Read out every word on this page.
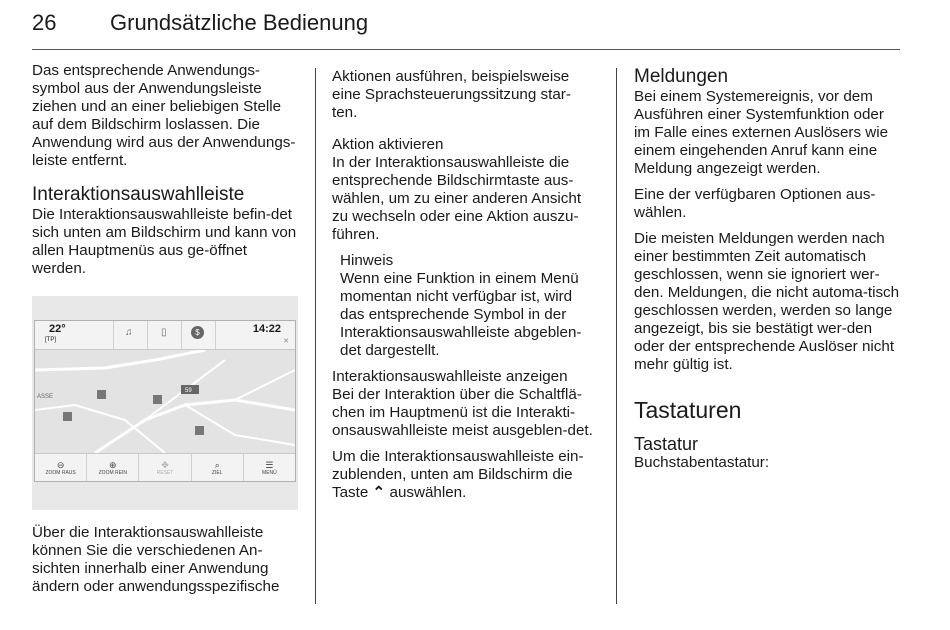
26 Grundsätzliche Bedienung

Das entsprechende Anwendungs-symbol aus der Anwendungsleiste ziehen und an einer beliebigen Stelle auf dem Bildschirm loslassen. Die Anwendung wird aus der Anwendungs-leiste entfernt.

Interaktionsauswahlleiste

Die Interaktionsauswahlleiste befin-det sich unten am Bildschirm und kann von allen Hauptmenüs aus ge-öffnet werden.

22°
[TP]
♫	▯	$	14:22
✕
59
ASSE
⊖
ZOOM RAUS
⊕
ZOOM REIN
✥
RESET
⌕
ZIEL
☰
MENÜ

Über die Interaktionsauswahlleiste können Sie die verschiedenen An-sichten innerhalb einer Anwendung ändern oder anwendungsspezifische

Aktionen ausführen, beispielsweise eine Sprachsteuerungssitzung star-ten.

Aktion aktivieren

In der Interaktionsauswahlleiste die entsprechende Bildschirmtaste aus-wählen, um zu einer anderen Ansicht zu wechseln oder eine Aktion auszu-führen.

Hinweis

Wenn eine Funktion in einem Menü momentan nicht verfügbar ist, wird das entsprechende Symbol in der Interaktionsauswahlleiste abgeblen-det dargestellt.

Interaktionsauswahlleiste anzeigen

Bei der Interaktion über die Schaltflä-chen im Hauptmenü ist die Interakti-onsauswahlleiste meist ausgeblen-det.

Um die Interaktionsauswahlleiste ein-zublenden, unten am Bildschirm die Taste ⌃ auswählen.

Meldungen

Bei einem Systemereignis, vor dem Ausführen einer Systemfunktion oder im Falle eines externen Auslösers wie einem eingehenden Anruf kann eine Meldung angezeigt werden.

Eine der verfügbaren Optionen aus-wählen.

Die meisten Meldungen werden nach einer bestimmten Zeit automatisch geschlossen, wenn sie ignoriert wer-den. Meldungen, die nicht automa-tisch geschlossen werden, werden so lange angezeigt, bis sie bestätigt wer-den oder der entsprechende Auslöser nicht mehr gültig ist.

Tastaturen
Tastatur

Buchstabentastatur:
